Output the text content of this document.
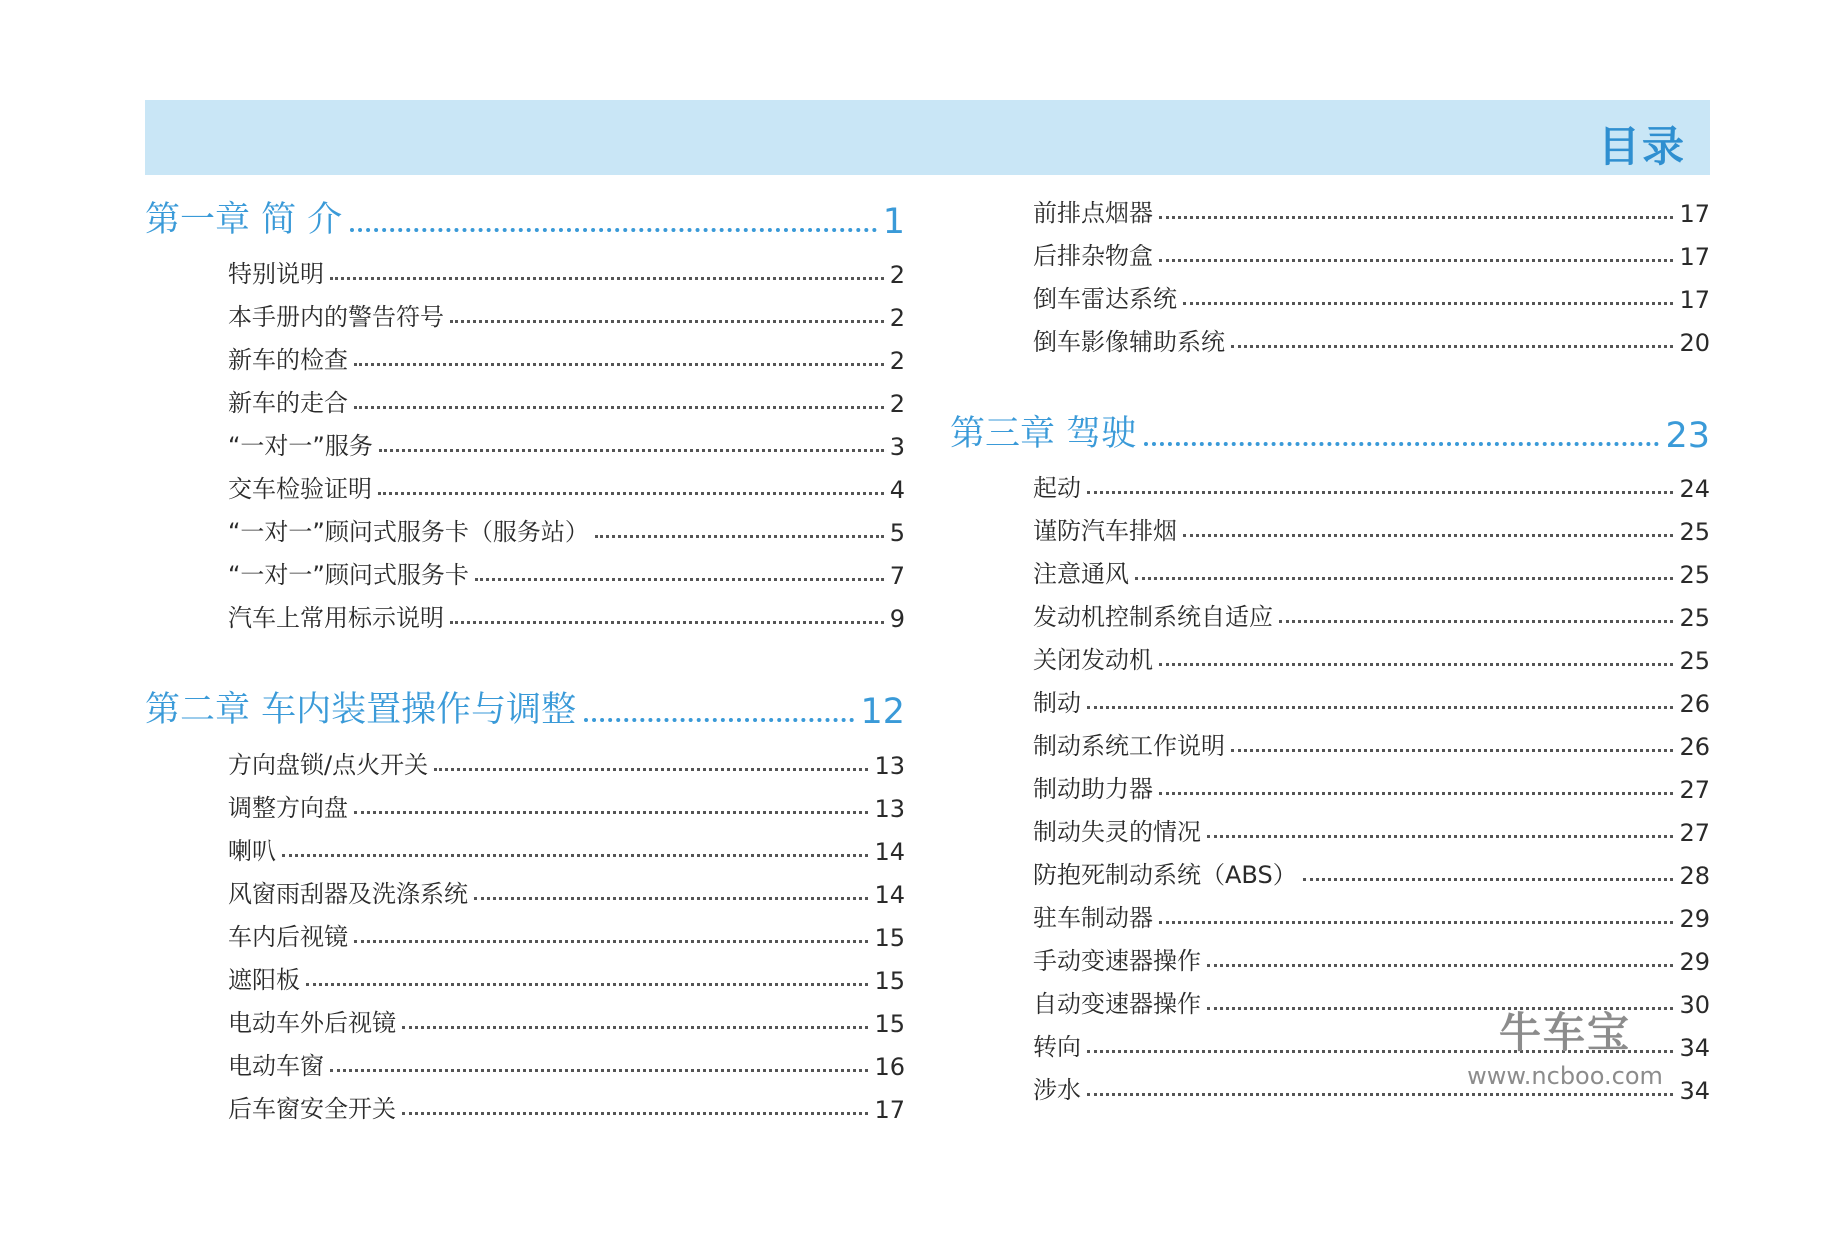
目录
第一章 简 介	1
特别说明	2
本手册内的警告符号	2
新车的检查	2
新车的走合	2
“一对一”服务	3
交车检验证明	4
“一对一”顾问式服务卡（服务站）	5
“一对一”顾问式服务卡	7
汽车上常用标示说明	9
第二章 车内装置操作与调整	12
方向盘锁/点火开关	13
调整方向盘	13
喇叭	14
风窗雨刮器及洗涤系统	14
车内后视镜	15
遮阳板	15
电动车外后视镜	15
电动车窗	16
后车窗安全开关	17
前排点烟器	17
后排杂物盒	17
倒车雷达系统	17
倒车影像辅助系统	20
第三章 驾驶	23
起动	24
谨防汽车排烟	25
注意通风	25
发动机控制系统自适应	25
关闭发动机	25
制动	26
制动系统工作说明	26
制动助力器	27
制动失灵的情况	27
防抱死制动系统（ABS）	28
驻车制动器	29
手动变速器操作	29
自动变速器操作	30
转向	34
涉水	34
牛车宝
www.ncboo.com
